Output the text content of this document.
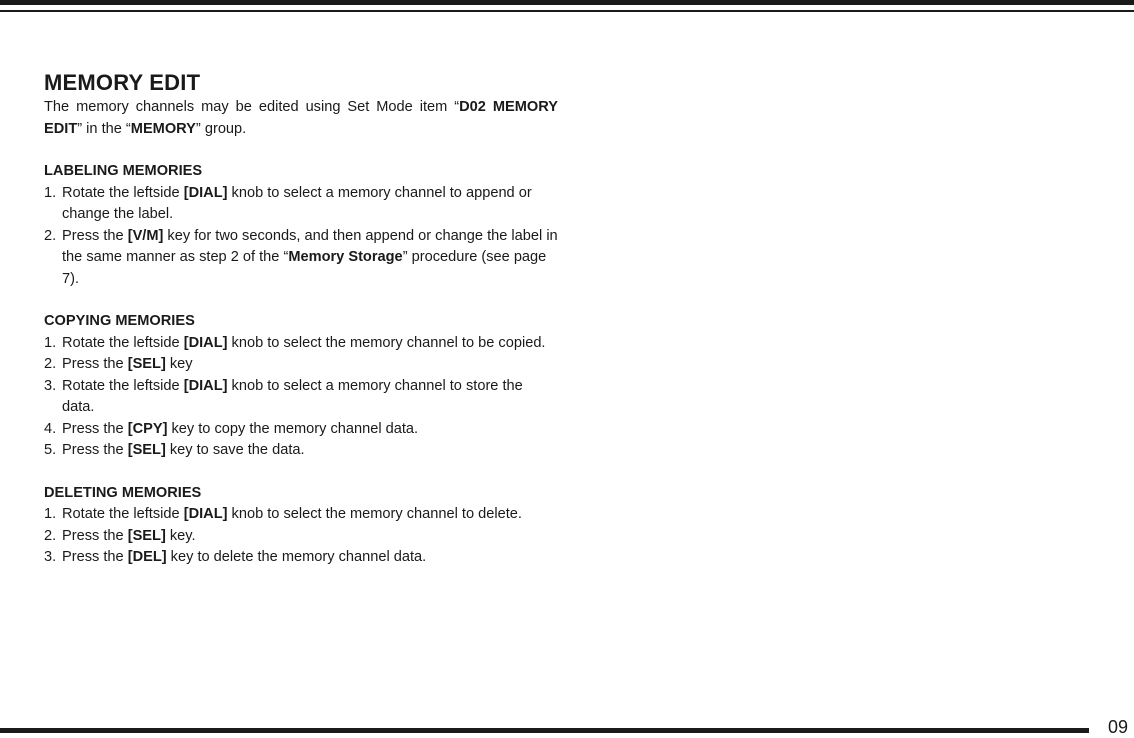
MEMORY EDIT

The memory channels may be edited using Set Mode item “D02 MEMORY EDIT” in the “MEMORY” group.

LABELING MEMORIES
1. Rotate the leftside [DIAL] knob to select a memory channel to append or change the label.
2. Press the [V/M] key for two seconds, and then append or change the label in the same manner as step 2 of the “Memory Storage” procedure (see page 7).
COPYING MEMORIES
1. Rotate the leftside [DIAL] knob to select the memory channel to be copied.
2. Press the [SEL] key
3. Rotate the leftside [DIAL] knob to select a memory channel to store the data.
4. Press the [CPY] key to copy the memory channel data.
5. Press the [SEL] key to save the data.
DELETING MEMORIES
1. Rotate the leftside [DIAL] knob to select the memory channel to delete.
2. Press the [SEL] key.
3. Press the [DEL] key to delete the memory channel data.
09
